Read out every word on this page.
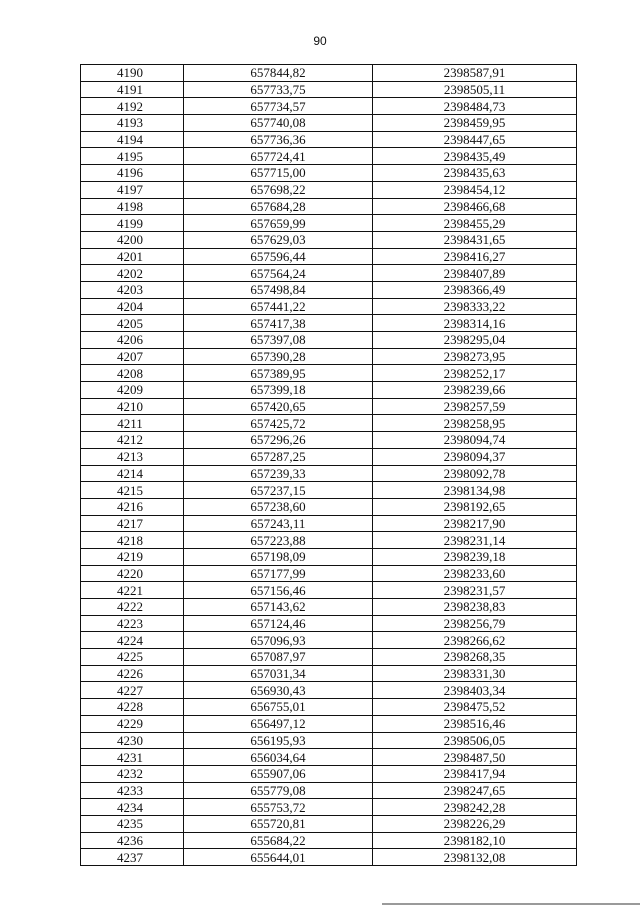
90
4190	657844,82	2398587,91
4191	657733,75	2398505,11
4192	657734,57	2398484,73
4193	657740,08	2398459,95
4194	657736,36	2398447,65
4195	657724,41	2398435,49
4196	657715,00	2398435,63
4197	657698,22	2398454,12
4198	657684,28	2398466,68
4199	657659,99	2398455,29
4200	657629,03	2398431,65
4201	657596,44	2398416,27
4202	657564,24	2398407,89
4203	657498,84	2398366,49
4204	657441,22	2398333,22
4205	657417,38	2398314,16
4206	657397,08	2398295,04
4207	657390,28	2398273,95
4208	657389,95	2398252,17
4209	657399,18	2398239,66
4210	657420,65	2398257,59
4211	657425,72	2398258,95
4212	657296,26	2398094,74
4213	657287,25	2398094,37
4214	657239,33	2398092,78
4215	657237,15	2398134,98
4216	657238,60	2398192,65
4217	657243,11	2398217,90
4218	657223,88	2398231,14
4219	657198,09	2398239,18
4220	657177,99	2398233,60
4221	657156,46	2398231,57
4222	657143,62	2398238,83
4223	657124,46	2398256,79
4224	657096,93	2398266,62
4225	657087,97	2398268,35
4226	657031,34	2398331,30
4227	656930,43	2398403,34
4228	656755,01	2398475,52
4229	656497,12	2398516,46
4230	656195,93	2398506,05
4231	656034,64	2398487,50
4232	655907,06	2398417,94
4233	655779,08	2398247,65
4234	655753,72	2398242,28
4235	655720,81	2398226,29
4236	655684,22	2398182,10
4237	655644,01	2398132,08
